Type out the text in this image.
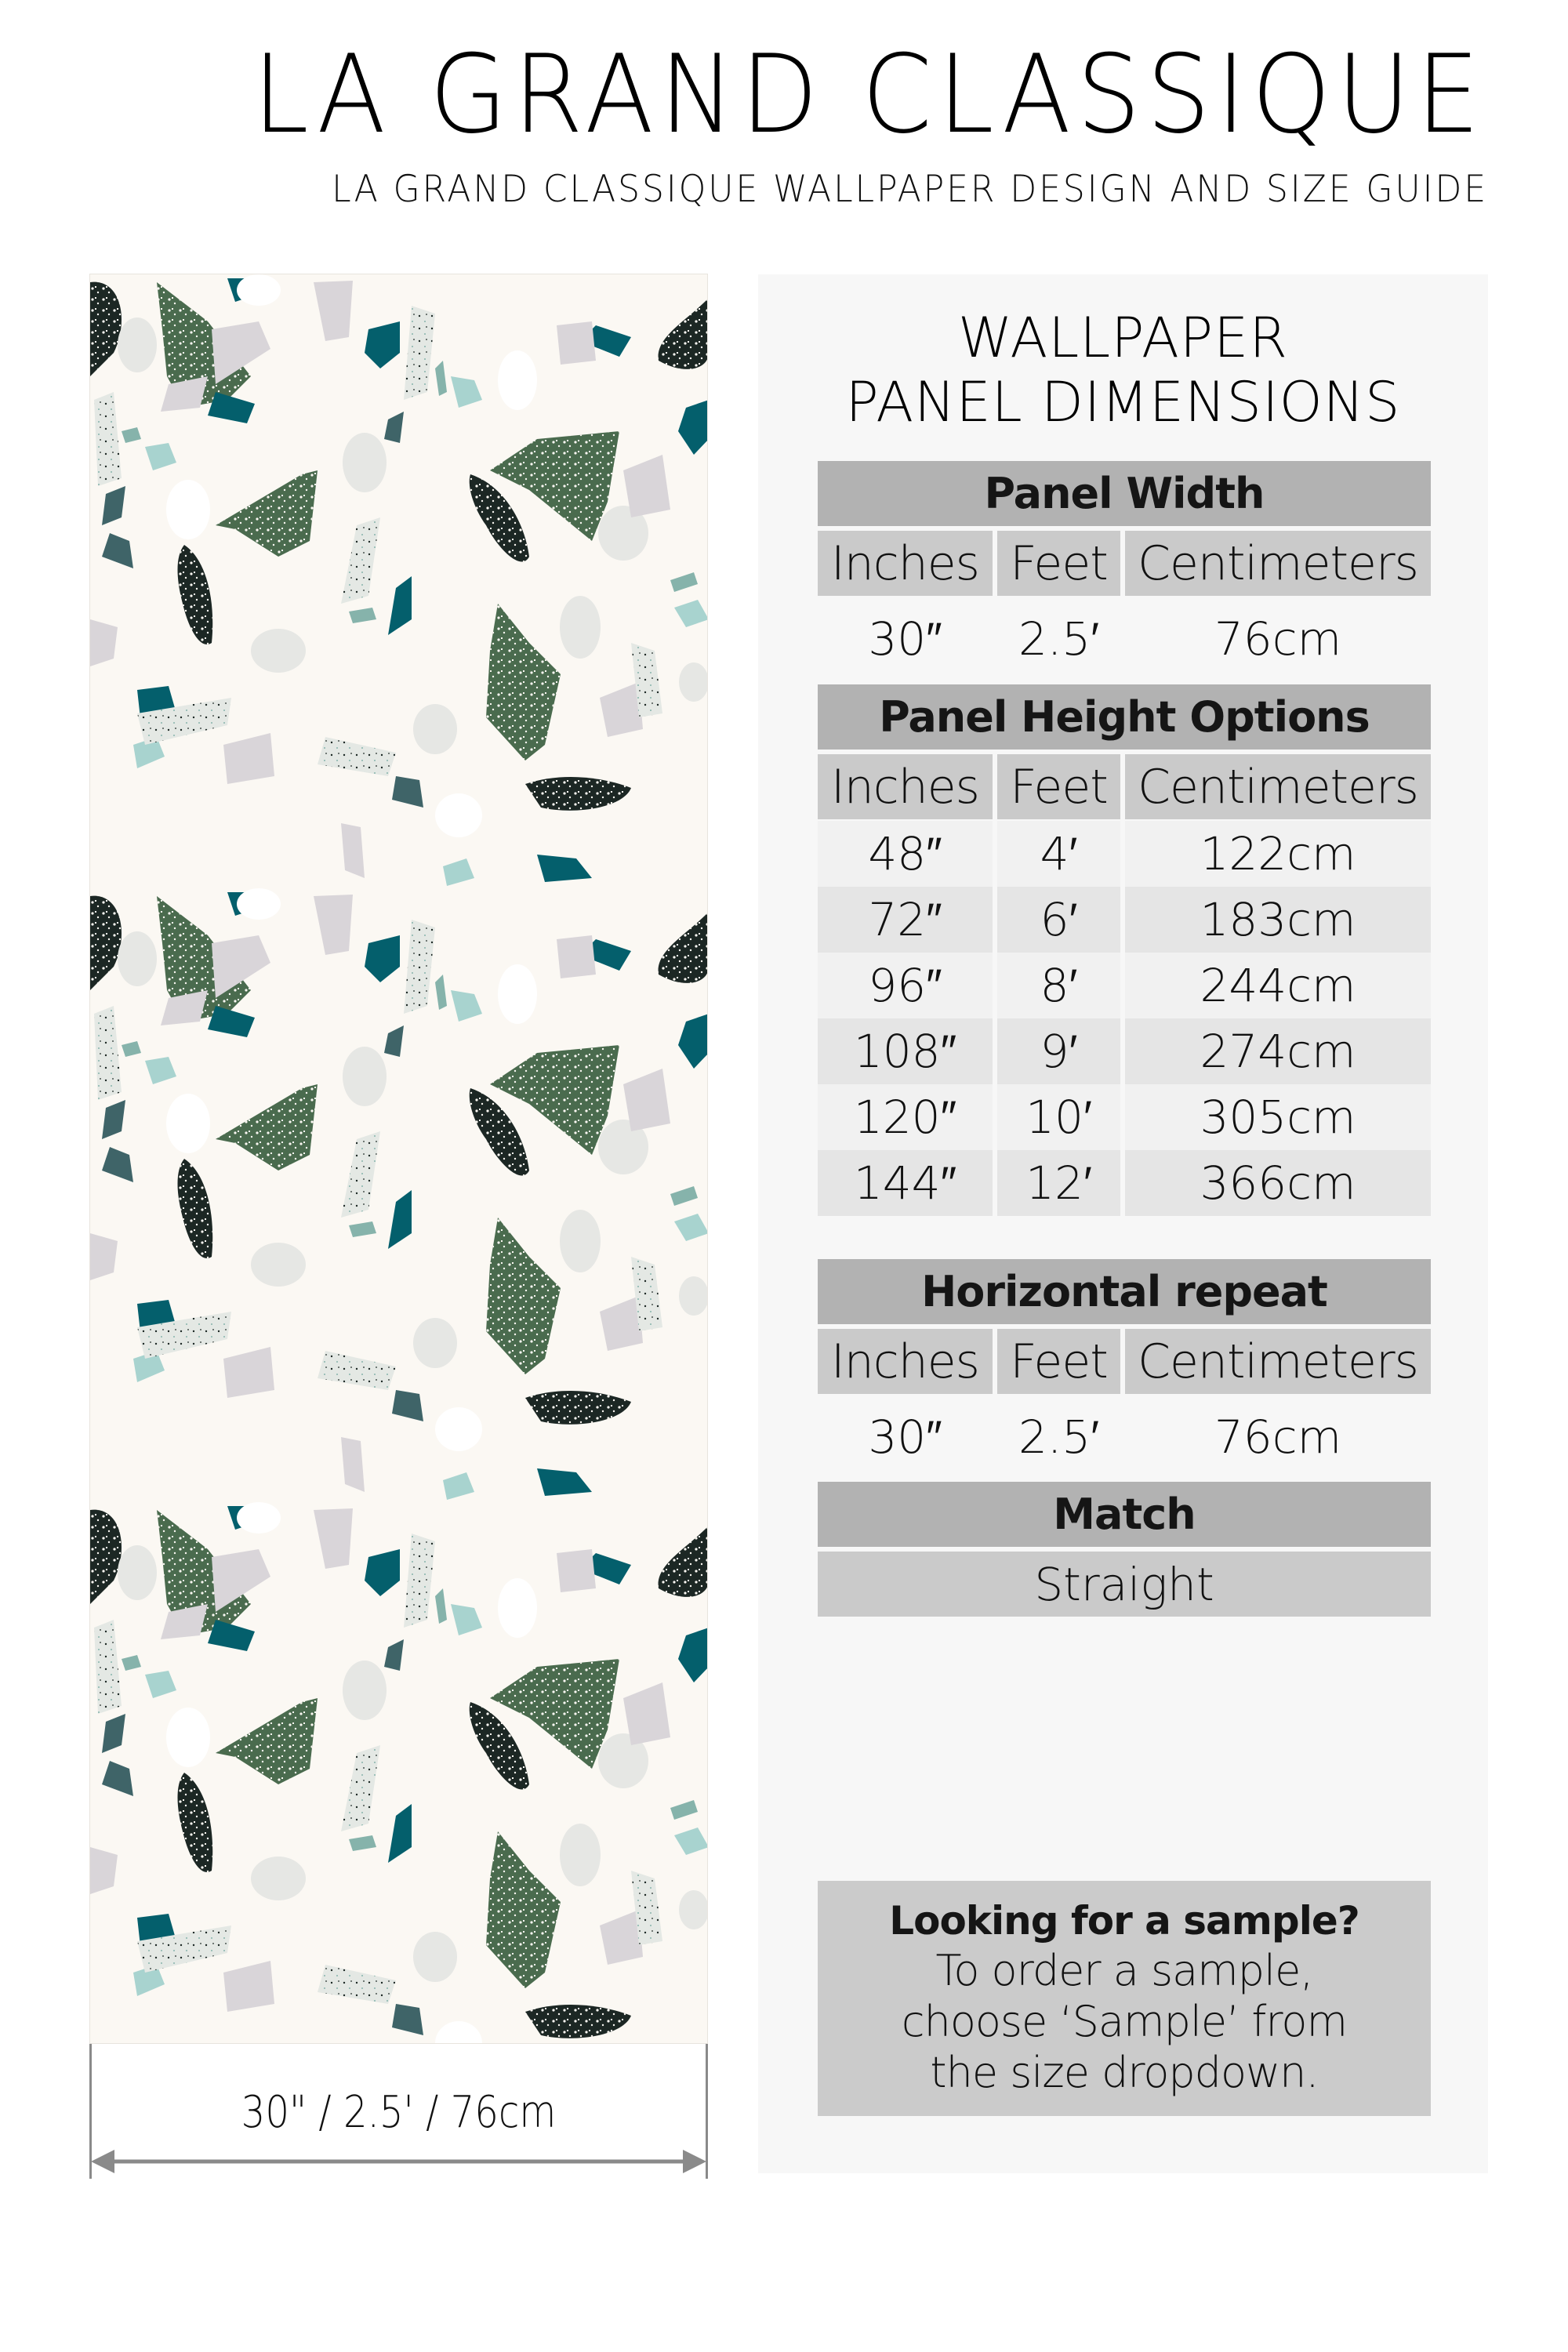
LA GRAND CLASSIQUE
LA GRAND CLASSIQUE WALLPAPER DESIGN AND SIZE GUIDE
30" / 2.5' / 76cm
WALLPAPER
PANEL DIMENSIONS
Panel Width
Inches Feet Centimeters
30″	2.5′	76cm
Panel Height Options
Inches Feet Centimeters
48″	4′	122cm
72″	6′	183cm
96″	8′	244cm
108″	9′	274cm
120″	10′	305cm
144″	12′	366cm
Horizontal repeat
Inches Feet Centimeters
30″	2.5′	76cm
Match
Straight
Looking for a sample?
To order a sample,
choose ‘Sample’ from
the size dropdown.
